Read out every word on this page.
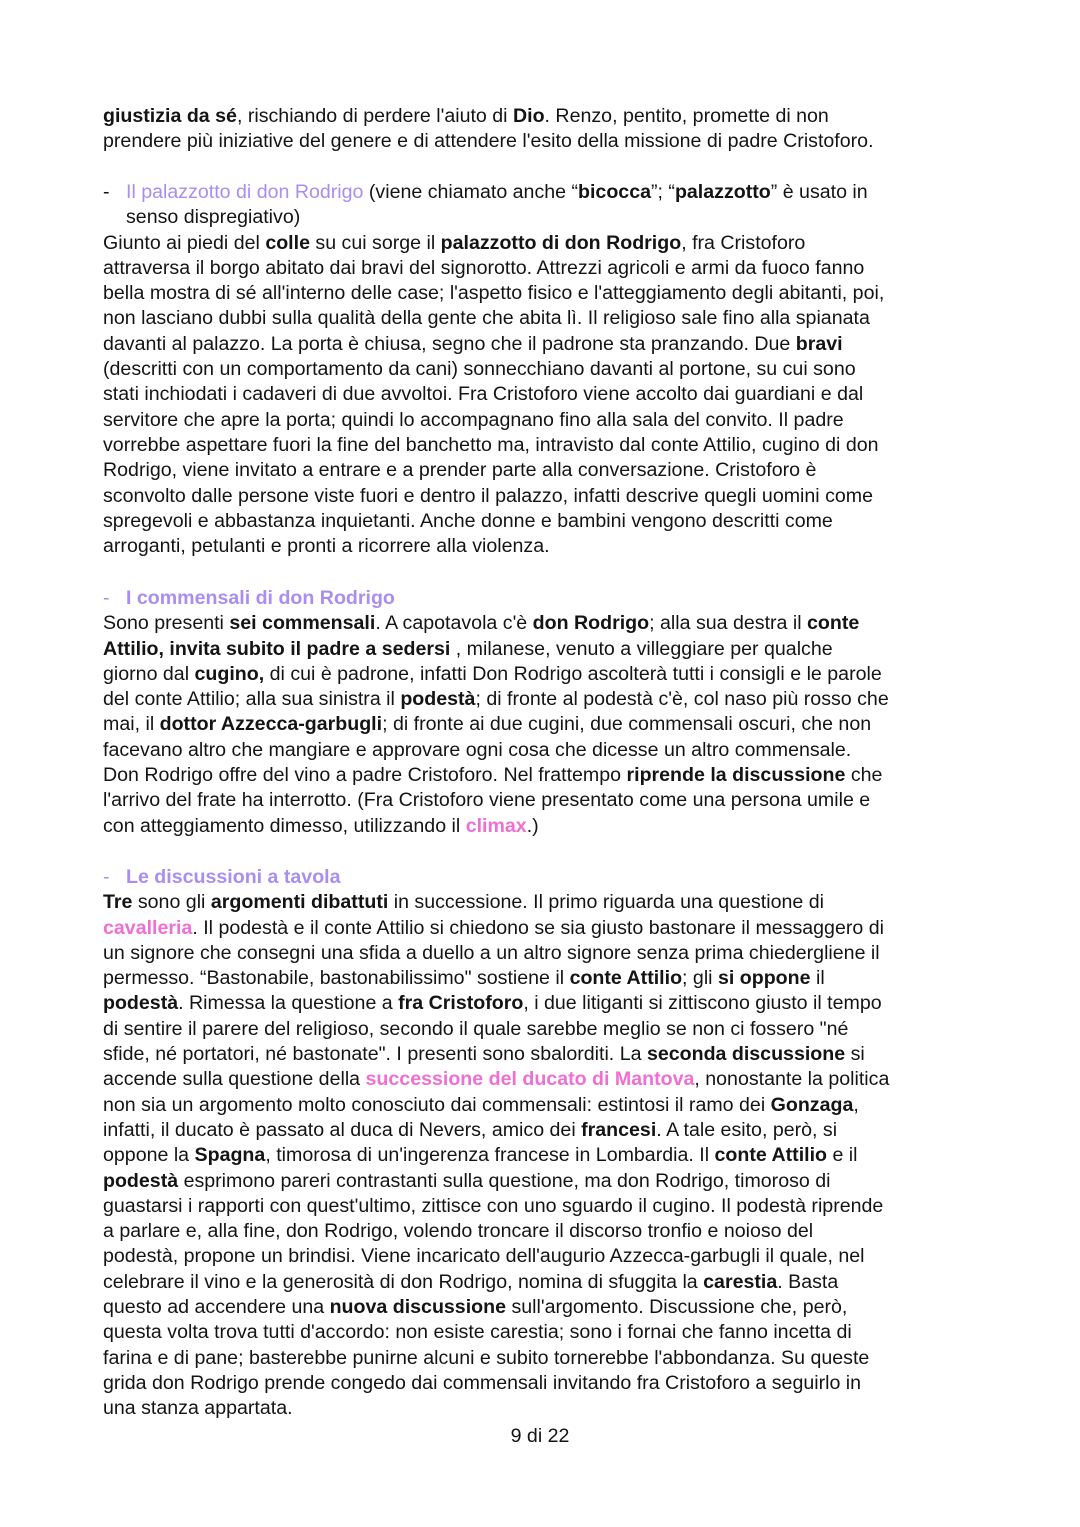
giustizia da sé, rischiando di perdere l'aiuto di Dio. Renzo, pentito, promette di non
prendere più iniziative del genere e di attendere l'esito della missione di padre Cristoforo.
- Il palazzotto di don Rodrigo (viene chiamato anche “bicocca”; “palazzotto” è usato in
senso dispregiativo)
Giunto ai piedi del colle su cui sorge il palazzotto di don Rodrigo, fra Cristoforo
attraversa il borgo abitato dai bravi del signorotto. Attrezzi agricoli e armi da fuoco fanno
bella mostra di sé all'interno delle case; l'aspetto fisico e l'atteggiamento degli abitanti, poi,
non lasciano dubbi sulla qualità della gente che abita lì. Il religioso sale fino alla spianata
davanti al palazzo. La porta è chiusa, segno che il padrone sta pranzando. Due bravi
(descritti con un comportamento da cani) sonnecchiano davanti al portone, su cui sono
stati inchiodati i cadaveri di due avvoltoi. Fra Cristoforo viene accolto dai guardiani e dal
servitore che apre la porta; quindi lo accompagnano fino alla sala del convito. Il padre
vorrebbe aspettare fuori la fine del banchetto ma, intravisto dal conte Attilio, cugino di don
Rodrigo, viene invitato a entrare e a prender parte alla conversazione. Cristoforo è
sconvolto dalle persone viste fuori e dentro il palazzo, infatti descrive quegli uomini come
spregevoli e abbastanza inquietanti. Anche donne e bambini vengono descritti come
arroganti, petulanti e pronti a ricorrere alla violenza.
- I commensali di don Rodrigo
Sono presenti sei commensali. A capotavola c'è don Rodrigo; alla sua destra il conte
Attilio, invita subito il padre a sedersi , milanese, venuto a villeggiare per qualche
giorno dal cugino, di cui è padrone, infatti Don Rodrigo ascolterà tutti i consigli e le parole
del conte Attilio; alla sua sinistra il podestà; di fronte al podestà c'è, col naso più rosso che
mai, il dottor Azzecca-garbugli; di fronte ai due cugini, due commensali oscuri, che non
facevano altro che mangiare e approvare ogni cosa che dicesse un altro commensale.
Don Rodrigo offre del vino a padre Cristoforo. Nel frattempo riprende la discussione che
l'arrivo del frate ha interrotto. (Fra Cristoforo viene presentato come una persona umile e
con atteggiamento dimesso, utilizzando il climax.)
- Le discussioni a tavola
Tre sono gli argomenti dibattuti in successione. Il primo riguarda una questione di
cavalleria. Il podestà e il conte Attilio si chiedono se sia giusto bastonare il messaggero di
un signore che consegni una sfida a duello a un altro signore senza prima chiedergliene il
permesso. “Bastonabile, bastonabilissimo" sostiene il conte Attilio; gli si oppone il
podestà. Rimessa la questione a fra Cristoforo, i due litiganti si zittiscono giusto il tempo
di sentire il parere del religioso, secondo il quale sarebbe meglio se non ci fossero "né
sfide, né portatori, né bastonate". I presenti sono sbalorditi. La seconda discussione si
accende sulla questione della successione del ducato di Mantova, nonostante la politica
non sia un argomento molto conosciuto dai commensali: estintosi il ramo dei Gonzaga,
infatti, il ducato è passato al duca di Nevers, amico dei francesi. A tale esito, però, si
oppone la Spagna, timorosa di un'ingerenza francese in Lombardia. Il conte Attilio e il
podestà esprimono pareri contrastanti sulla questione, ma don Rodrigo, timoroso di
guastarsi i rapporti con quest'ultimo, zittisce con uno sguardo il cugino. Il podestà riprende
a parlare e, alla fine, don Rodrigo, volendo troncare il discorso tronfio e noioso del
podestà, propone un brindisi. Viene incaricato dell'augurio Azzecca-garbugli il quale, nel
celebrare il vino e la generosità di don Rodrigo, nomina di sfuggita la carestia. Basta
questo ad accendere una nuova discussione sull'argomento. Discussione che, però,
questa volta trova tutti d'accordo: non esiste carestia; sono i fornai che fanno incetta di
farina e di pane; basterebbe punirne alcuni e subito tornerebbe l'abbondanza. Su queste
grida don Rodrigo prende congedo dai commensali invitando fra Cristoforo a seguirlo in
una stanza appartata.
9 di 22
